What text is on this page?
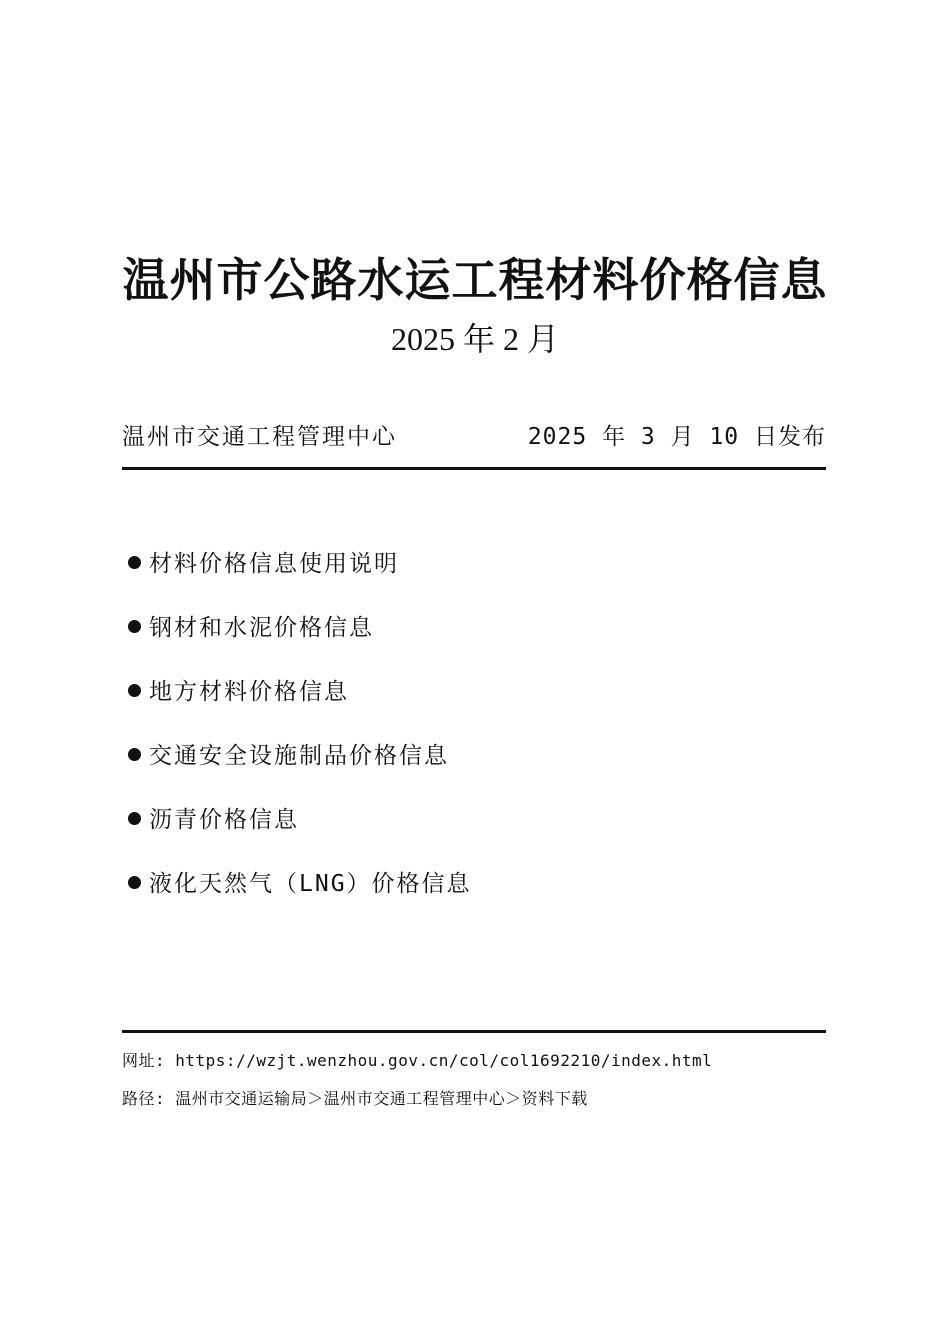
温州市公路水运工程材料价格信息
2025 年 2 月
温州市交通工程管理中心	2025 年 3 月 10 日发布
材料价格信息使用说明
钢材和水泥价格信息
地方材料价格信息
交通安全设施制品价格信息
沥青价格信息
液化天然气（LNG）价格信息
网址: https://wzjt.wenzhou.gov.cn/col/col1692210/index.html
路径: 温州市交通运输局＞温州市交通工程管理中心＞资料下载
